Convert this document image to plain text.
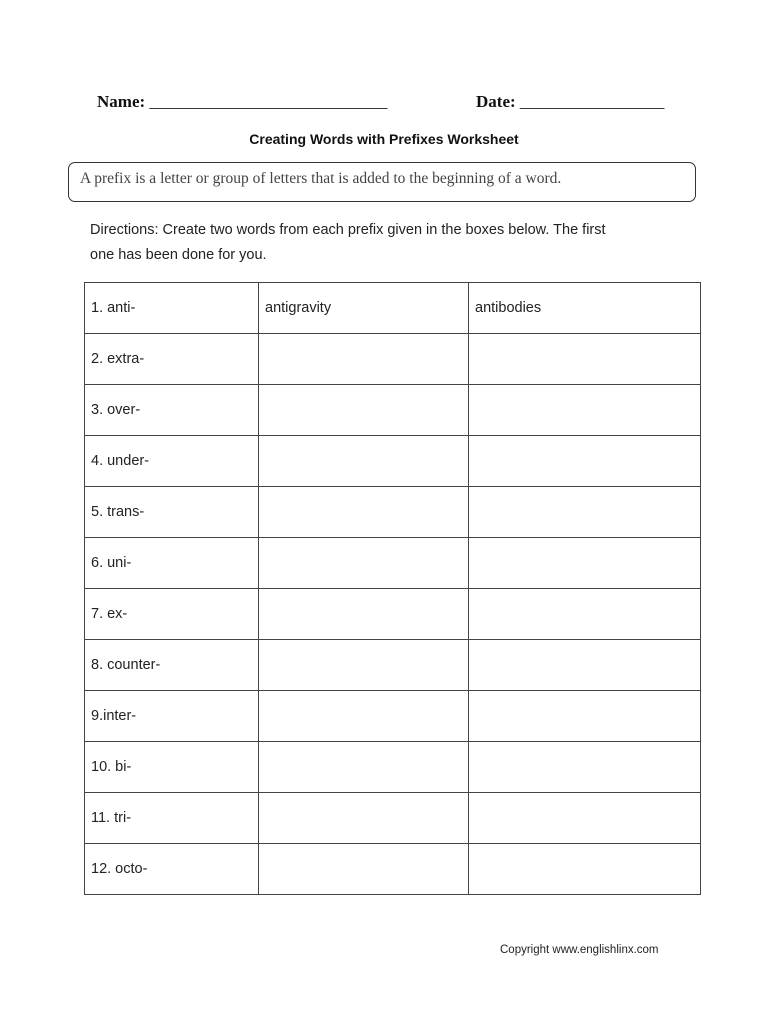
Name: ____________________________	Date: _________________
Creating Words with Prefixes Worksheet
A prefix is a letter or group of letters that is added to the beginning of a word.
Directions: Create two words from each prefix given in the boxes below. The first
one has been done for you.
1. anti-	antigravity	antibodies
2. extra-		
3. over-		
4. under-		
5. trans-		
6. uni-		
7. ex-		
8. counter-		
9.inter-		
10. bi-		
11. tri-		
12. octo-		
Copyright www.englishlinx.com
